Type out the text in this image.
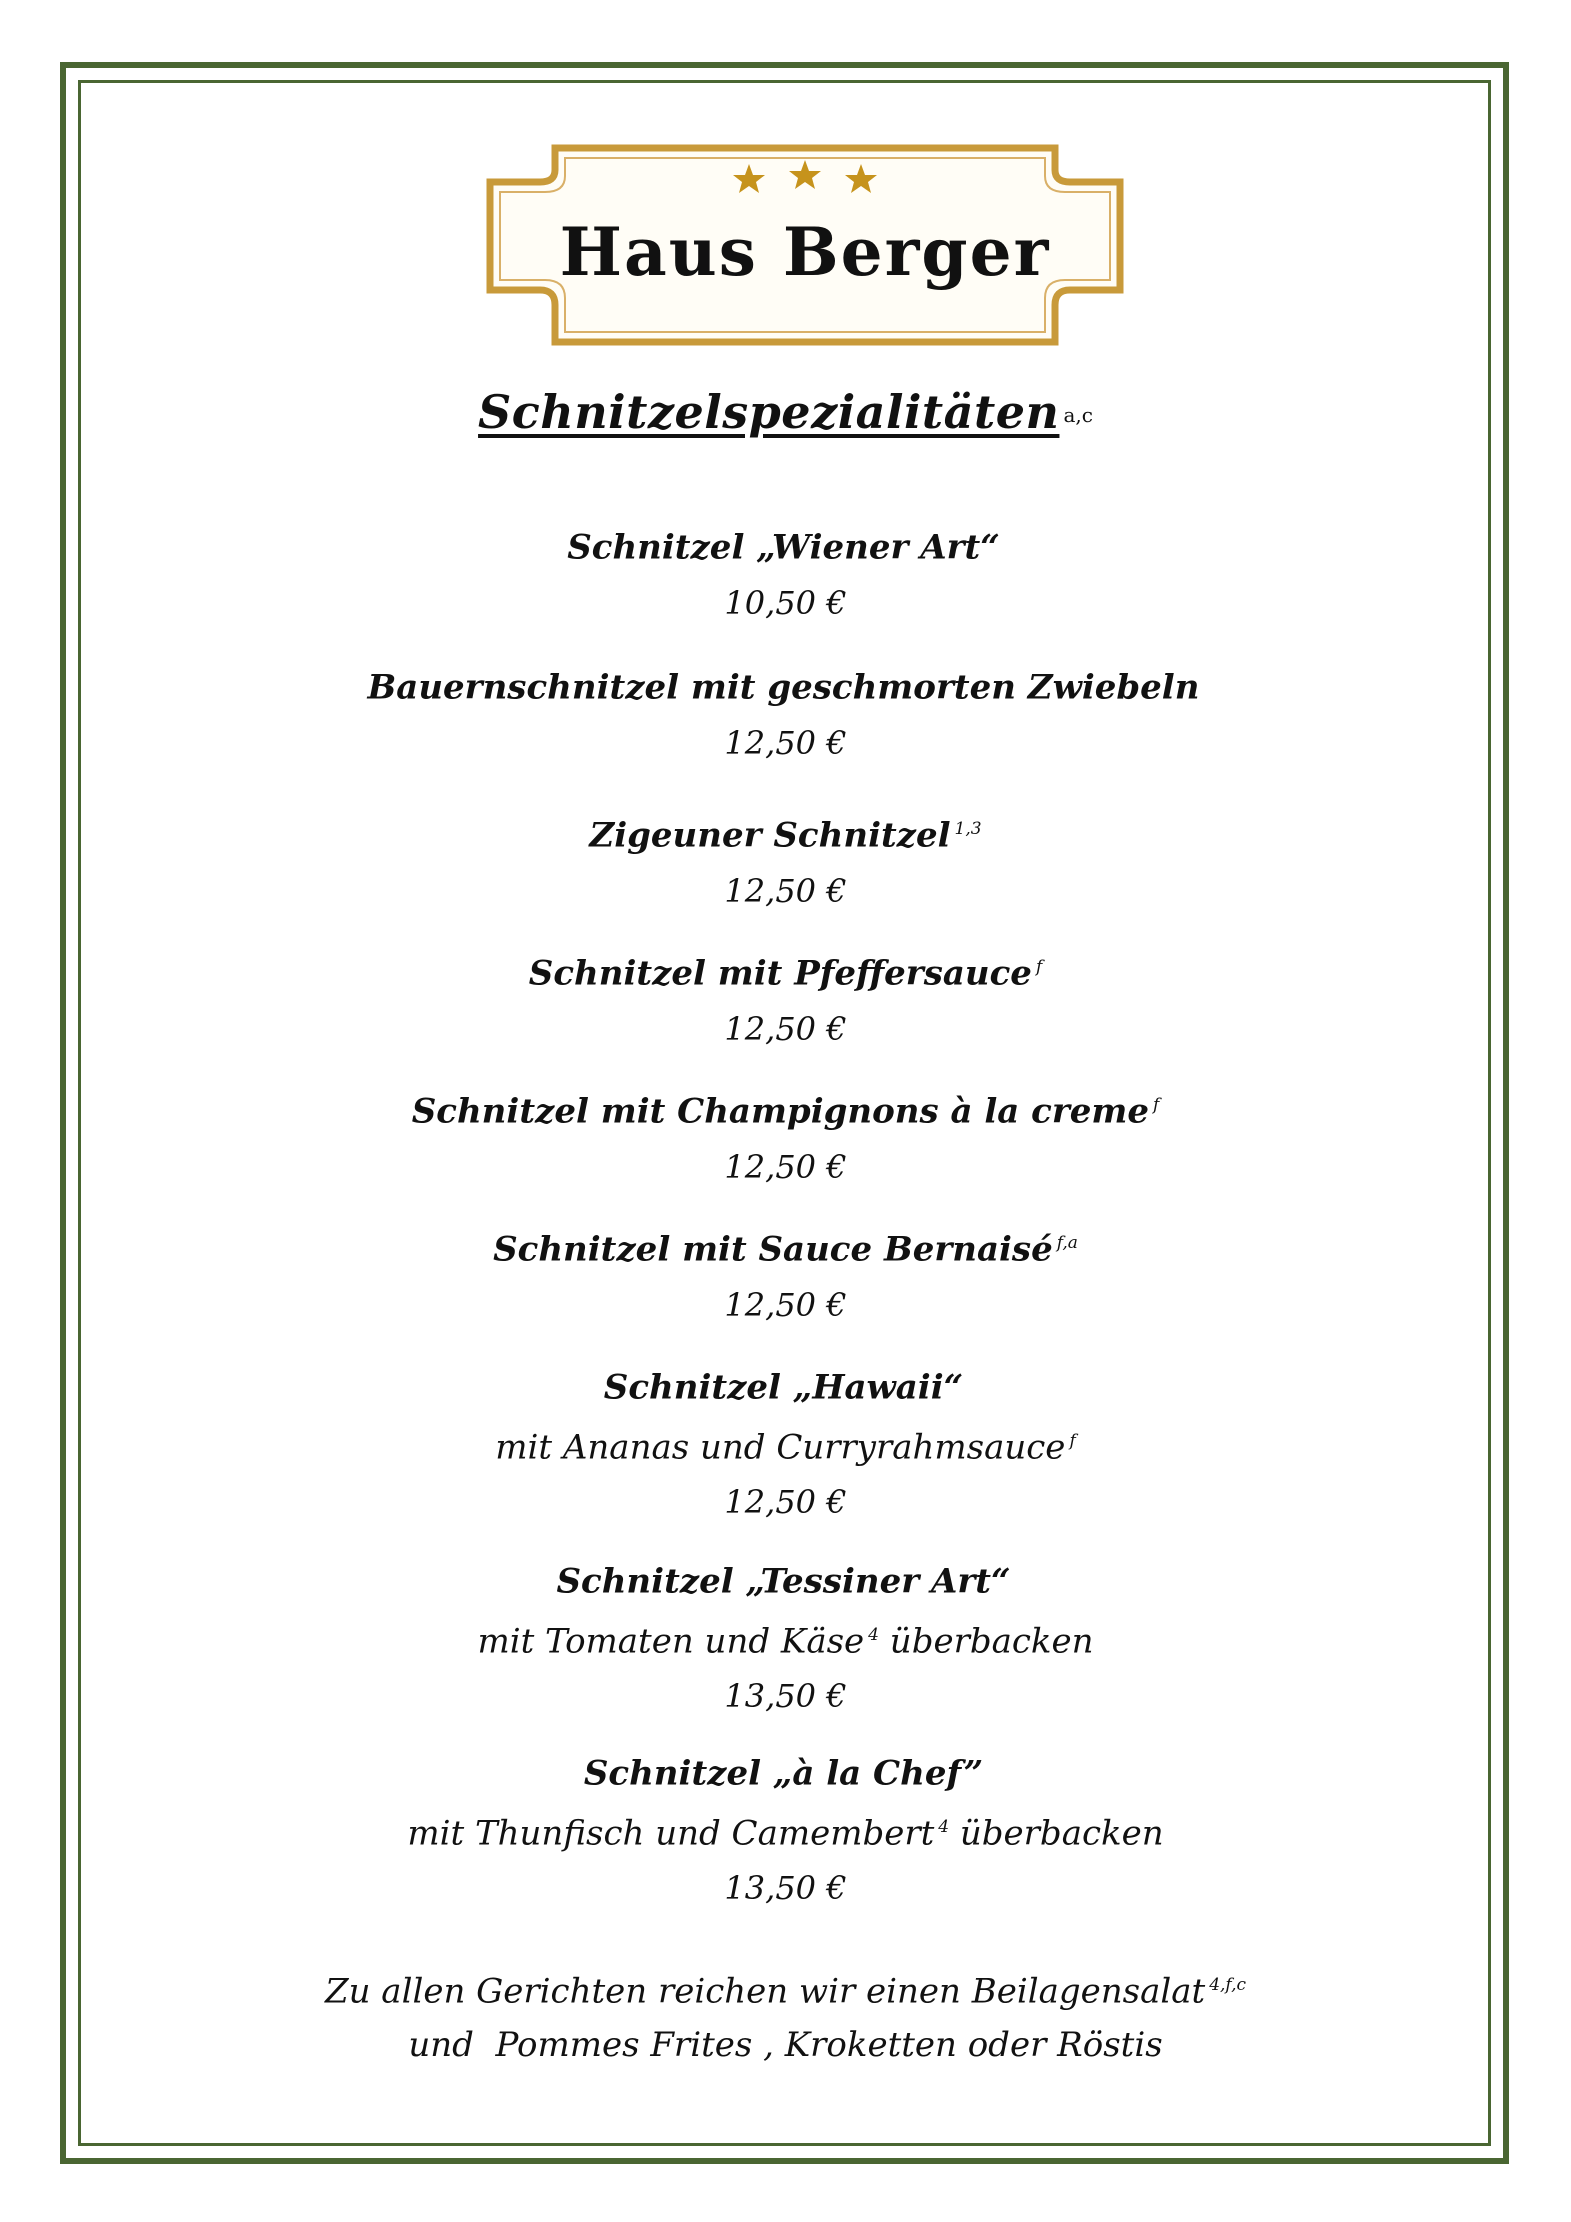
Haus Berger
Schnitzelspezialitäten a,c
Schnitzel „Wiener Art“
10,50 €
Bauernschnitzel mit geschmorten Zwiebeln
12,50 €
Zigeuner Schnitzel $^{1,3}$
12,50 €
Schnitzel mit Pfeffersauce $^f$
12,50 €
Schnitzel mit Champignons à la creme $^f$
12,50 €
Schnitzel mit Sauce Bernaisé $^{f,a}$
12,50 €
Schnitzel „Hawaii“
mit Ananas und Curryrahmsauce $^f$
12,50 €
Schnitzel „Tessiner Art“
mit Tomaten und Käse $^4$ überbacken
13,50 €
Schnitzel „à la Chef”
mit Thunfisch und Camembert $^4$ überbacken
13,50 €
Zu allen Gerichten reichen wir einen Beilagensalat $^{4,f,c}$
und  Pommes Frites , Kroketten oder Röstis
